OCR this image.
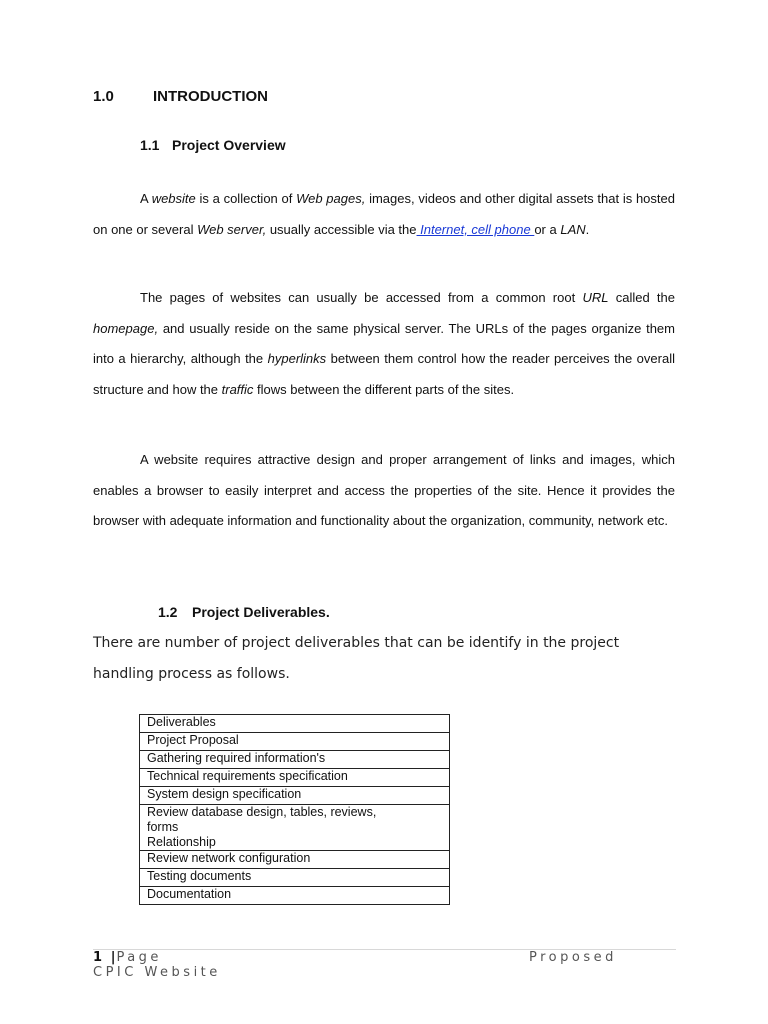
1.0	INTRODUCTION
1.1 Project Overview

A website is a collection of Web pages, images, videos and other digital assets that is hosted on one or several Web server, usually accessible via the Internet, cell phone or a LAN.

The pages of websites can usually be accessed from a common root URL called the homepage, and usually reside on the same physical server. The URLs of the pages organize them into a hierarchy, although the hyperlinks between them control how the reader perceives the overall structure and how the traffic flows between the different parts of the sites.

A website requires attractive design and proper arrangement of links and images, which enables a browser to easily interpret and access the properties of the site. Hence it provides the browser with adequate information and functionality about the organization, community, network etc.

1.2 Project Deliverables.

There are number of project deliverables that can be identify in the project handling process as follows.

Deliverables
Project Proposal
Gathering required information's
Technical requirements specification
System design specification

Review database design, tables, reviews,
forms
Relationship

Review network configuration
Testing documents
Documentation
1 |Page	Proposed
CPIC Website
